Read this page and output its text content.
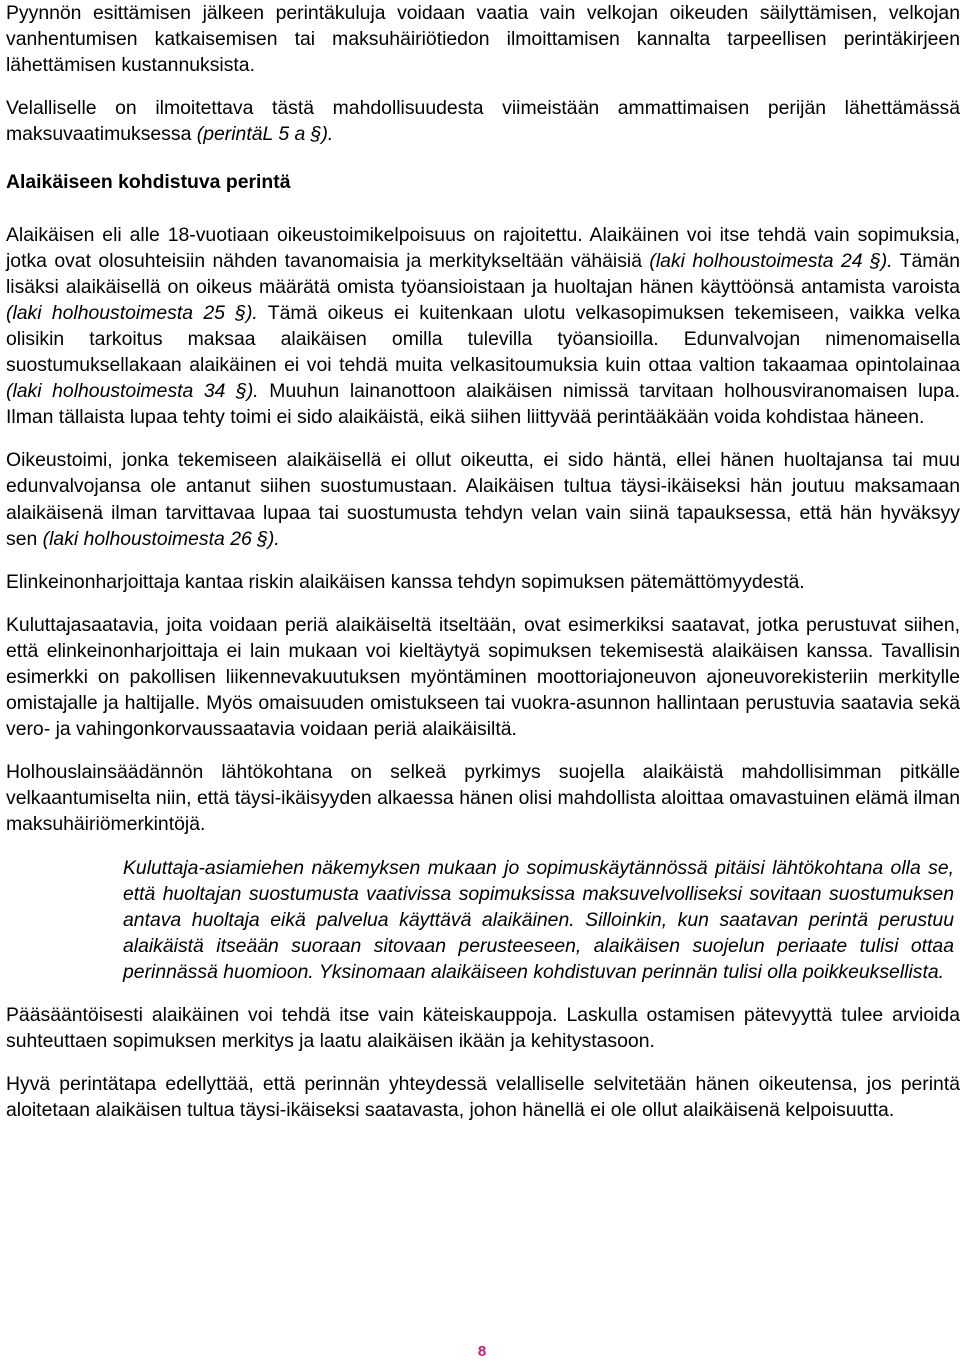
Pyynnön esittämisen jälkeen perintäkuluja voidaan vaatia vain velkojan oikeuden säilyttämisen, velkojan vanhentumisen katkaisemisen tai maksuhäiriötiedon ilmoittamisen kannalta tarpeellisen perintäkirjeen lähettämisen kustannuksista.

Velalliselle on ilmoitettava tästä mahdollisuudesta viimeistään ammattimaisen perijän lähettämässä maksuvaatimuksessa (perintäL 5 a §).

Alaikäiseen kohdistuva perintä

Alaikäisen eli alle 18-vuotiaan oikeustoimikelpoisuus on rajoitettu. Alaikäinen voi itse tehdä vain sopimuksia, jotka ovat olosuhteisiin nähden tavanomaisia ja merkitykseltään vähäisiä (laki holhoustoimesta 24 §). Tämän lisäksi alaikäisellä on oikeus määrätä omista työansioistaan ja huoltajan hänen käyttöönsä antamista varoista (laki holhoustoimesta 25 §). Tämä oikeus ei kuitenkaan ulotu velkasopimuksen tekemiseen, vaikka velka olisikin tarkoitus maksaa alaikäisen omilla tulevilla työansioilla. Edunvalvojan nimenomaisella suostumuksellakaan alaikäinen ei voi tehdä muita velkasitoumuksia kuin ottaa valtion takaamaa opintolainaa (laki holhoustoimesta 34 §). Muuhun lainanottoon alaikäisen nimissä tarvitaan holhousviranomaisen lupa. Ilman tällaista lupaa tehty toimi ei sido alaikäistä, eikä siihen liittyvää perintääkään voida kohdistaa häneen.

Oikeustoimi, jonka tekemiseen alaikäisellä ei ollut oikeutta, ei sido häntä, ellei hänen huoltajansa tai muu edunvalvojansa ole antanut siihen suostumustaan. Alaikäisen tultua täysi-ikäiseksi hän joutuu maksamaan alaikäisenä ilman tarvittavaa lupaa tai suostumusta tehdyn velan vain siinä tapauksessa, että hän hyväksyy sen (laki holhoustoimesta 26 §).

Elinkeinonharjoittaja kantaa riskin alaikäisen kanssa tehdyn sopimuksen pätemättömyydestä.

Kuluttajasaatavia, joita voidaan periä alaikäiseltä itseltään, ovat esimerkiksi saatavat, jotka perustuvat siihen, että elinkeinonharjoittaja ei lain mukaan voi kieltäytyä sopimuksen tekemisestä alaikäisen kanssa. Tavallisin esimerkki on pakollisen liikennevakuutuksen myöntäminen moottoriajoneuvon ajoneuvorekisteriin merkitylle omistajalle ja haltijalle. Myös omaisuuden omistukseen tai vuokra-asunnon hallintaan perustuvia saatavia sekä vero- ja vahingonkorvaussaatavia voidaan periä alaikäisiltä.

Holhouslainsäädännön lähtökohtana on selkeä pyrkimys suojella alaikäistä mahdollisimman pitkälle velkaantumiselta niin, että täysi-ikäisyyden alkaessa hänen olisi mahdollista aloittaa omavastuinen elämä ilman maksuhäiriömerkintöjä.

Kuluttaja-asiamiehen näkemyksen mukaan jo sopimuskäytännössä pitäisi lähtökohtana olla se, että huoltajan suostumusta vaativissa sopimuksissa maksuvelvolliseksi sovitaan suostumuksen antava huoltaja eikä palvelua käyttävä alaikäinen. Silloinkin, kun saatavan perintä perustuu alaikäistä itseään suoraan sitovaan perusteeseen, alaikäisen suojelun periaate tulisi ottaa perinnässä huomioon. Yksinomaan alaikäiseen kohdistuvan perinnän tulisi olla poikkeuksellista.

Pääsääntöisesti alaikäinen voi tehdä itse vain käteiskauppoja. Laskulla ostamisen pätevyyttä tulee arvioida suhteuttaen sopimuksen merkitys ja laatu alaikäisen ikään ja kehitystasoon.

Hyvä perintätapa edellyttää, että perinnän yhteydessä velalliselle selvitetään hänen oikeutensa, jos perintä aloitetaan alaikäisen tultua täysi-ikäiseksi saatavasta, johon hänellä ei ole ollut alaikäisenä kelpoisuutta.

8
